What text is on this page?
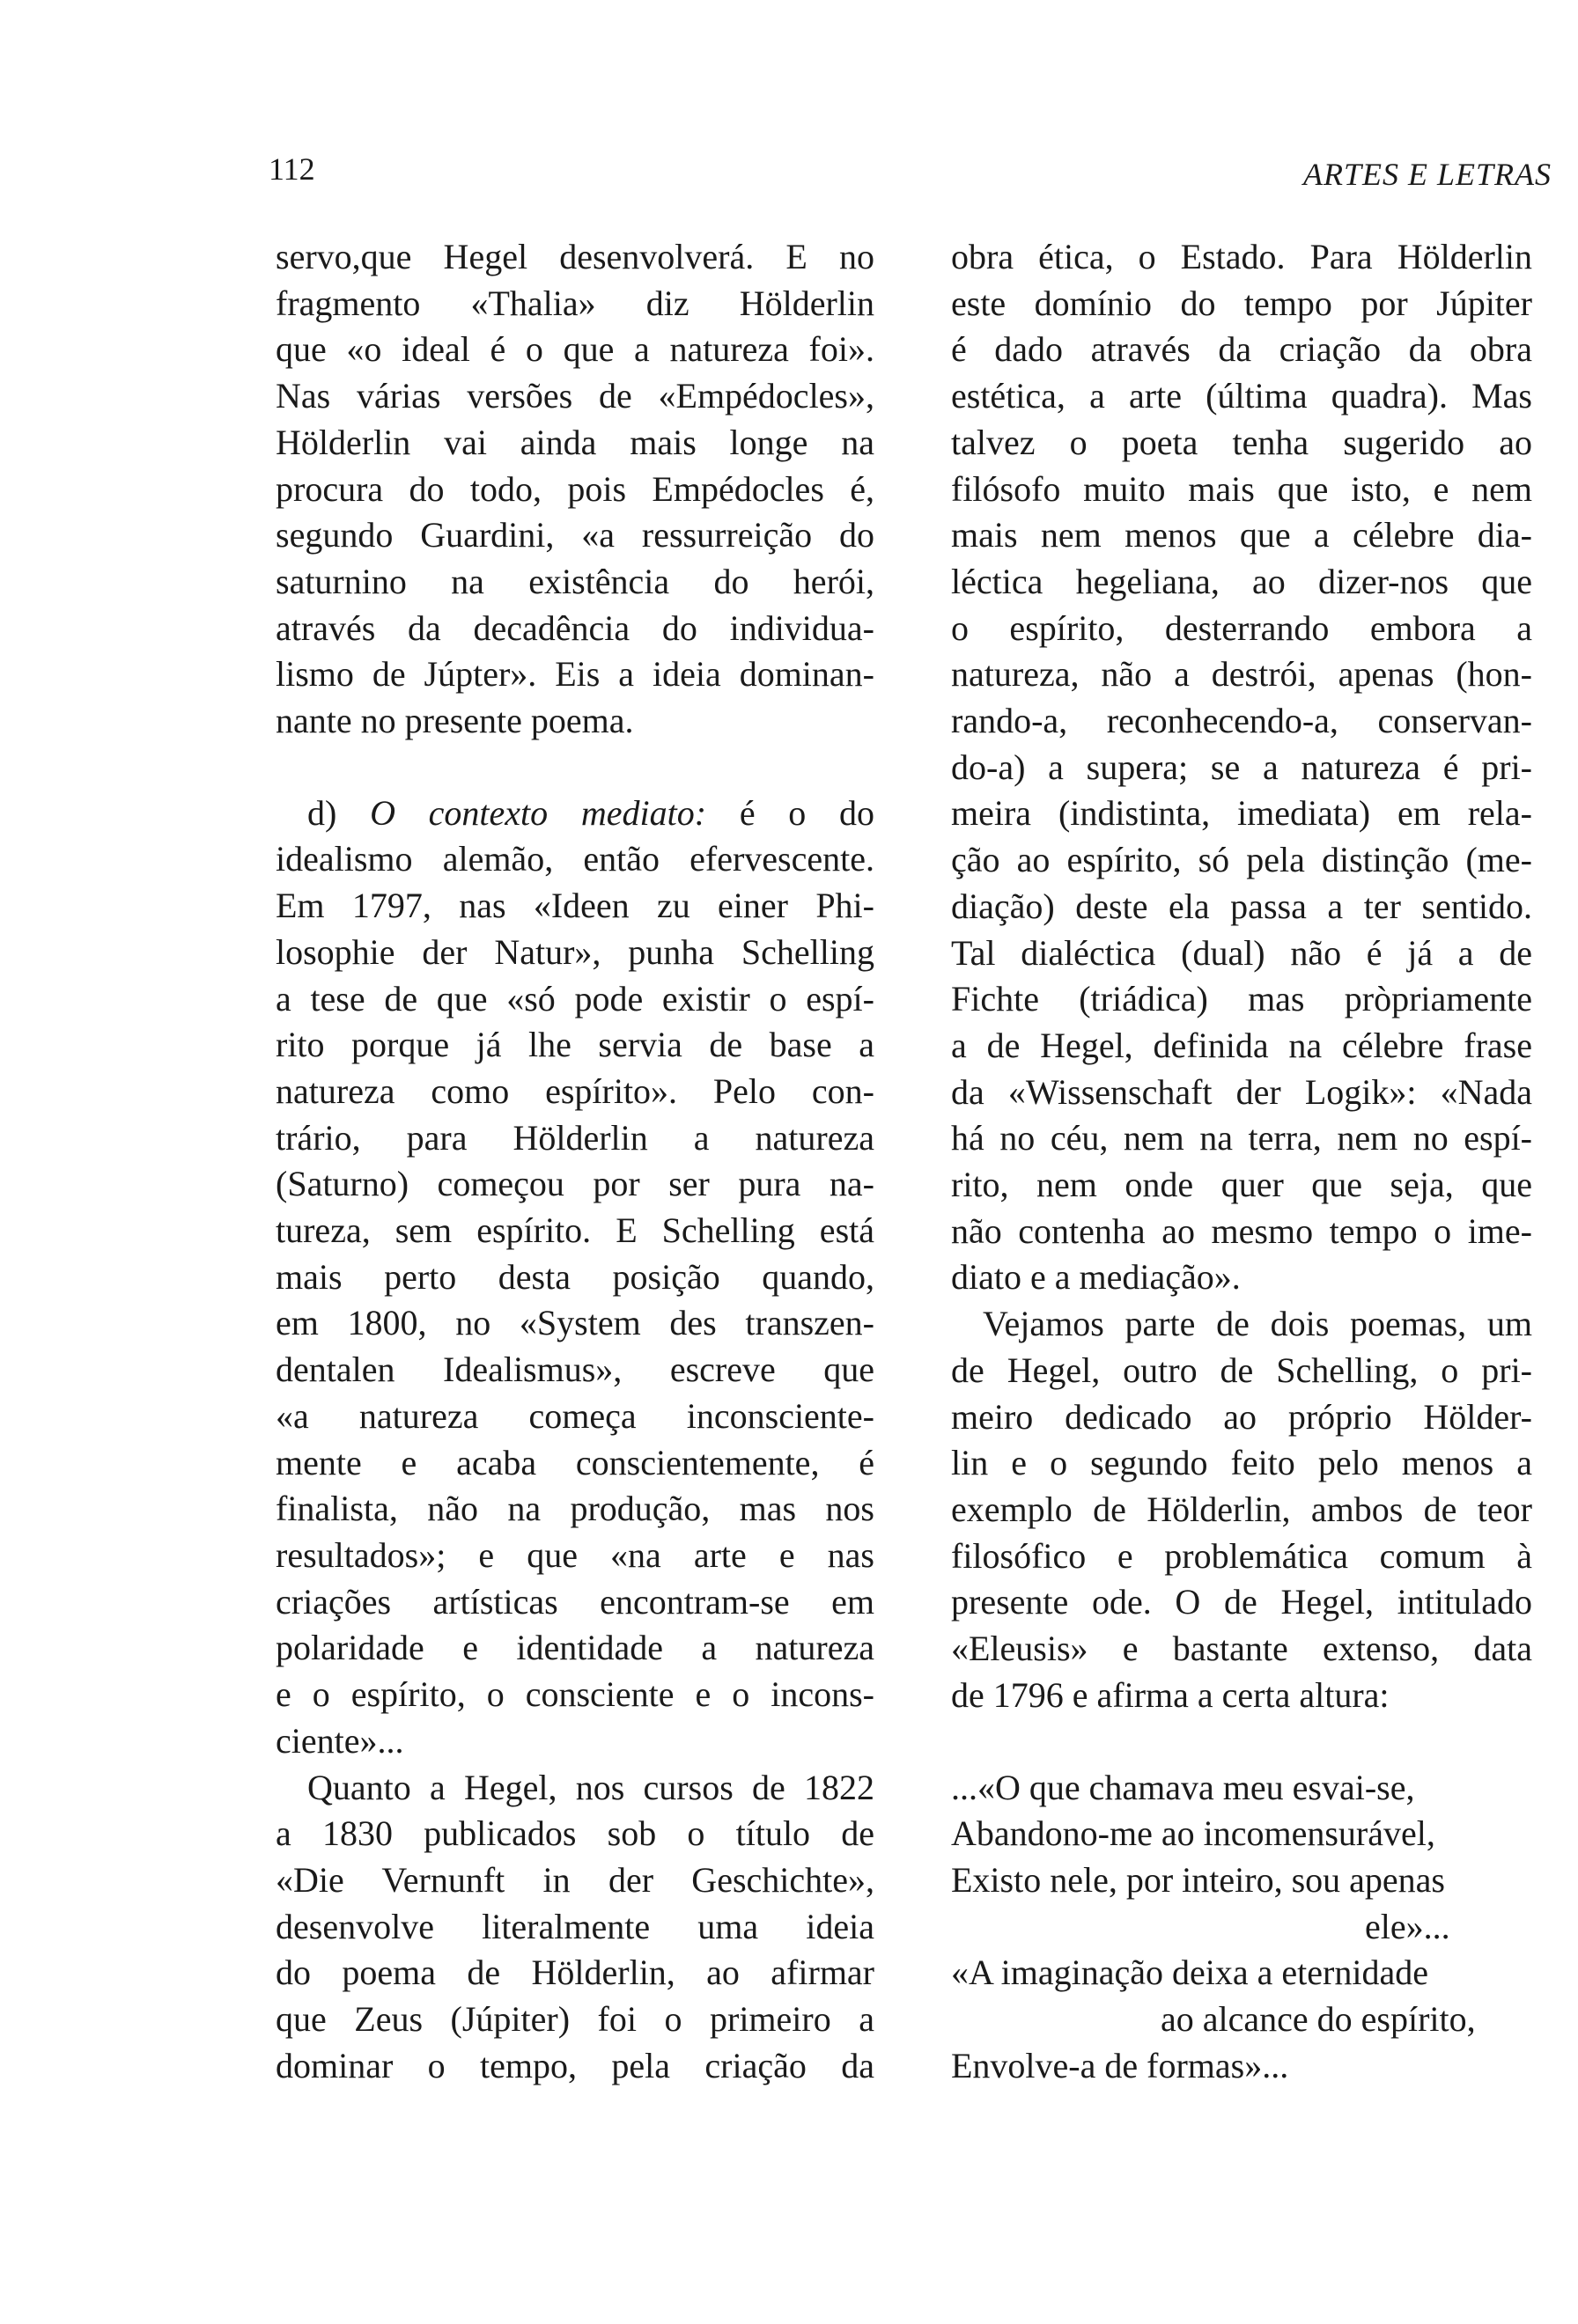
112	ARTES E LETRAS
servo,que Hegel desenvolverá. E no
fragmento «Thalia» diz Hölderlin
que «o ideal é o que a natureza foi».
Nas várias versões de «Empédocles»,
Hölderlin vai ainda mais longe na
procura do todo, pois Empédocles é,
segundo Guardini, «a ressurreição do
saturnino na existência do herói,
através da decadência do individua-
lismo de Júpter». Eis a ideia dominan-
nante no presente poema.
d) O contexto mediato: é o do
idealismo alemão, então efervescente.
Em 1797, nas «Ideen zu einer Phi-
losophie der Natur», punha Schelling
a tese de que «só pode existir o espí-
rito porque já lhe servia de base a
natureza como espírito». Pelo con-
trário, para Hölderlin a natureza
(Saturno) começou por ser pura na-
tureza, sem espírito. E Schelling está
mais perto desta posição quando,
em 1800, no «System des transzen-
dentalen Idealismus», escreve que
«a natureza começa inconsciente-
mente e acaba conscientemente, é
finalista, não na produção, mas nos
resultados»; e que «na arte e nas
criações artísticas encontram-se em
polaridade e identidade a natureza
e o espírito, o consciente e o incons-
ciente»...
Quanto a Hegel, nos cursos de 1822
a 1830 publicados sob o título de
«Die Vernunft in der Geschichte»,
desenvolve literalmente uma ideia
do poema de Hölderlin, ao afirmar
que Zeus (Júpiter) foi o primeiro a
dominar o tempo, pela criação da
obra ética, o Estado. Para Hölderlin
este domínio do tempo por Júpiter
é dado através da criação da obra
estética, a arte (última quadra). Mas
talvez o poeta tenha sugerido ao
filósofo muito mais que isto, e nem
mais nem menos que a célebre dia-
léctica hegeliana, ao dizer-nos que
o espírito, desterrando embora a
natureza, não a destrói, apenas (hon-
rando-a, reconhecendo-a, conservan-
do-a) a supera; se a natureza é pri-
meira (indistinta, imediata) em rela-
ção ao espírito, só pela distinção (me-
diação) deste ela passa a ter sentido.
Tal dialéctica (dual) não é já a de
Fichte (triádica) mas pròpriamente
a de Hegel, definida na célebre frase
da «Wissenschaft der Logik»: «Nada
há no céu, nem na terra, nem no espí-
rito, nem onde quer que seja, que
não contenha ao mesmo tempo o ime-
diato e a mediação».
Vejamos parte de dois poemas, um
de Hegel, outro de Schelling, o pri-
meiro dedicado ao próprio Hölder-
lin e o segundo feito pelo menos a
exemplo de Hölderlin, ambos de teor
filosófico e problemática comum à
presente ode. O de Hegel, intitulado
«Eleusis» e bastante extenso, data
de 1796 e afirma a certa altura:
...«O que chamava meu esvai-se,
Abandono-me ao incomensurável,
Existo nele, por inteiro, sou apenas
ele»...
«A imaginação deixa a eternidade
ao alcance do espírito,
Envolve-a de formas»...
